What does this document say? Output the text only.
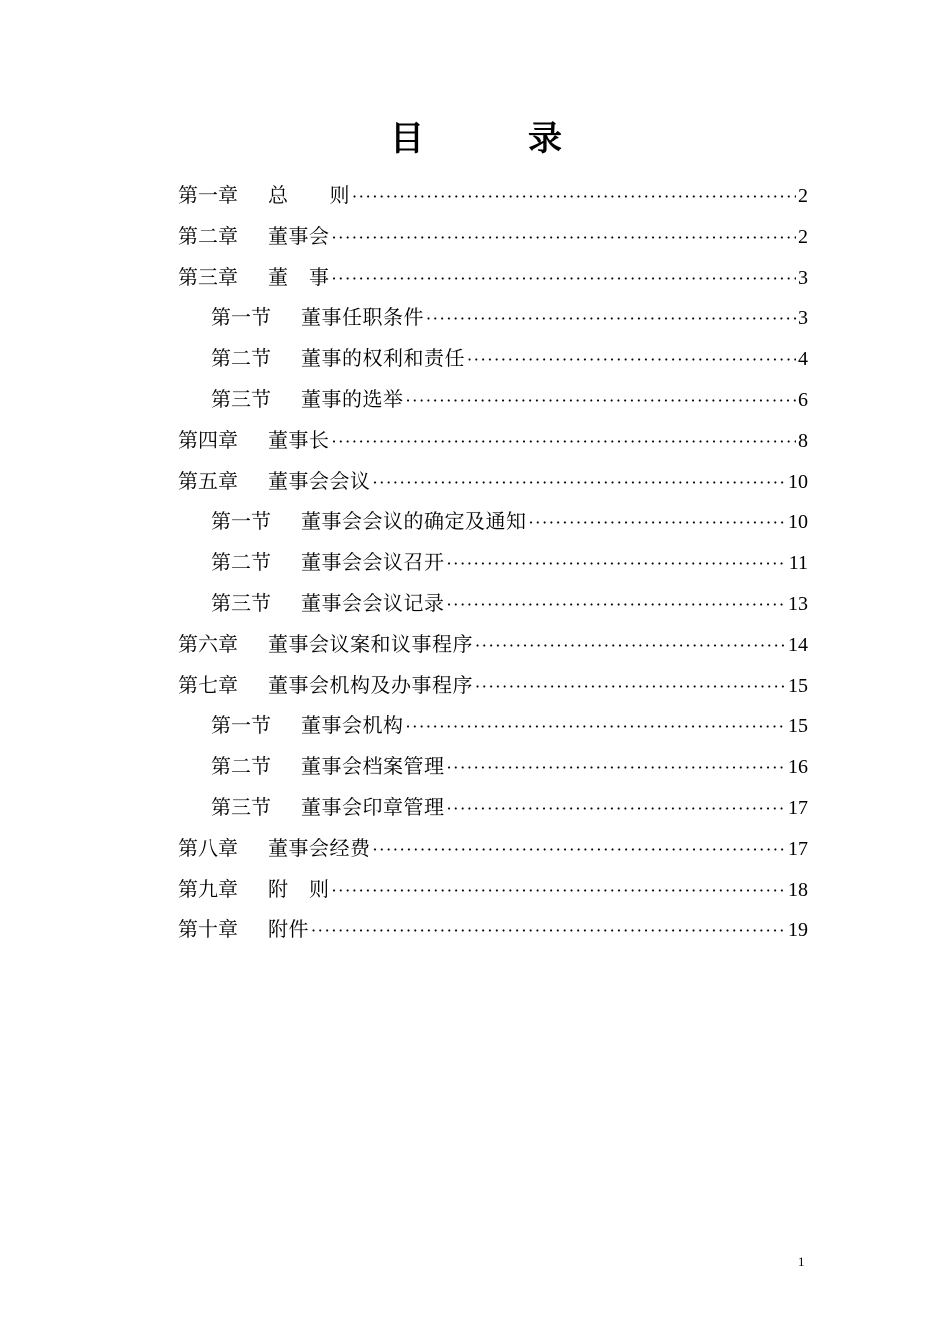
目	录
第一章	总　　则 ·····	2
第二章	董事会 ·····	2
第三章	董　事 ·····	3
第一节	董事任职条件 ·····	3
第二节	董事的权利和责任 ·····	4
第三节	董事的选举 ·····	6
第四章	董事长 ·····	8
第五章	董事会会议 ·····	10
第一节	董事会会议的确定及通知 ·····	10
第二节	董事会会议召开 ·····	11
第三节	董事会会议记录 ·····	13
第六章	董事会议案和议事程序 ·····	14
第七章	董事会机构及办事程序 ·····	15
第一节	董事会机构 ·····	15
第二节	董事会档案管理 ·····	16
第三节	董事会印章管理 ·····	17
第八章	董事会经费 ·····	17
第九章	附　则 ·····	18
第十章	附件 ·····	19
1
